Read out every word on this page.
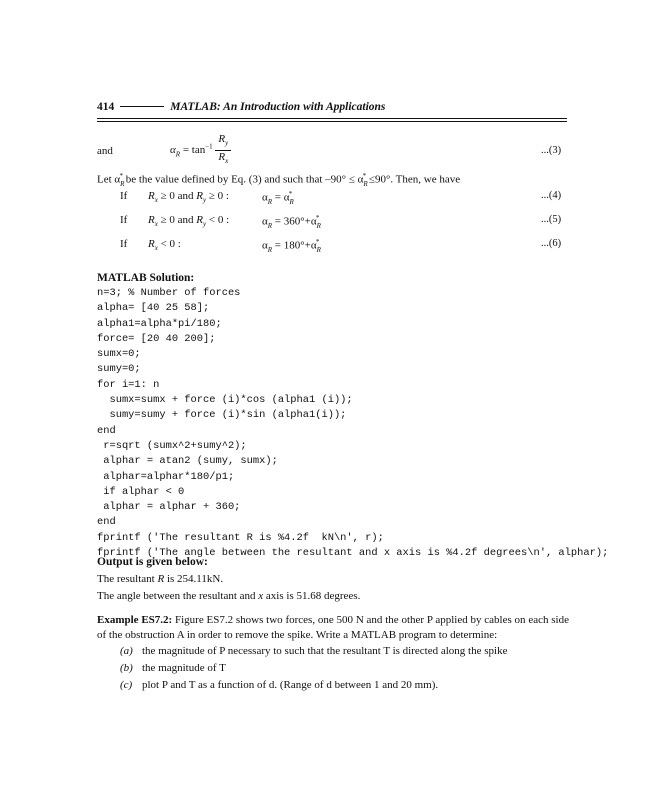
414	MATLAB: An Introduction with Applications
and	$\alpha_R = \tan^{-1} \frac{R_y}{R_x}$	...(3)
Let $\alpha_R^*$ be the value defined by Eq. (3) and such that $-90^\circ \le \alpha_R^* \le 90^\circ$. Then, we have
If $R_x \ge 0$ and $R_y \ge 0$ :	$\alpha_R = \alpha_R^*$	...(4)
If $R_x \ge 0$ and $R_y < 0$ :	$\alpha_R = 360^\circ+\alpha_R^*$	...(5)
If $R_x < 0$ :	$\alpha_R = 180^\circ+\alpha_R^*$	...(6)
MATLAB Solution:
n=3; % Number of forces
alpha= [40 25 58];
alpha1=alpha*pi/180;
force= [20 40 200];
sumx=0;
sumy=0;
for i=1: n
sumx=sumx + force (i)*cos (alpha1 (i));
sumy=sumy + force (i)*sin (alpha1(i));
end
r=sqrt (sumx^2+sumy^2);
alphar = atan2 (sumy, sumx);
alphar=alphar*180/p1;
if alphar < 0
alphar = alphar + 360;
end
fprintf ('The resultant R is %4.2f  kN\n', r);
fprintf ('The angle between the resultant and x axis is %4.2f degrees\n', alphar);
Output is given below:
The resultant R is 254.11kN.
The angle between the resultant and x axis is 51.68 degrees.
Example ES7.2: Figure ES7.2 shows two forces, one 500 N and the other P applied by cables on each side of the obstruction A in order to remove the spike. Write a MATLAB program to determine:
(a) the magnitude of P necessary to such that the resultant T is directed along the spike
(b) the magnitude of T
(c) plot P and T as a function of d. (Range of d between 1 and 20 mm).
